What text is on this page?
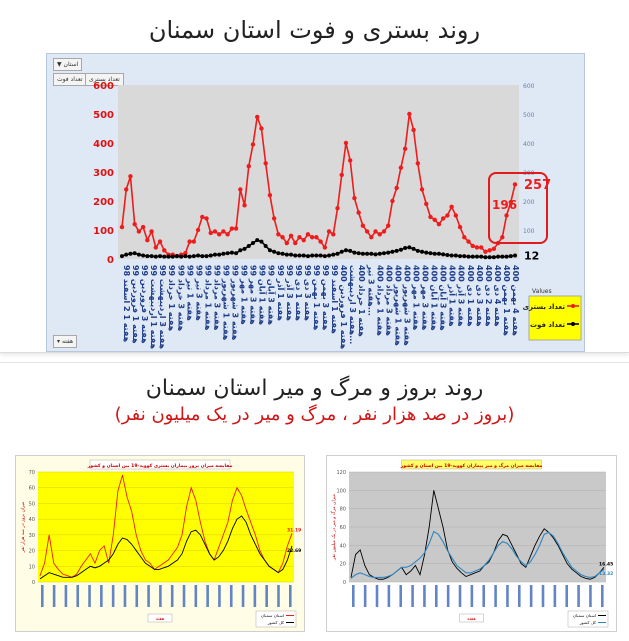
روند بستری و فوت استان سمنان
▼ استان
تعداد فوت	تعداد بستری
▾ هفته
0
100
200
300
400
500
600
100
200
300
400
500
600
هفته 1 2 اسفند 98
هفته 1 فروردین 99
هفته 3 فروردین 99
هفته 1 اردیبهشت 99
هفته 3 اردیبهشت 99
هفته 1 خرداد 99
هفته 3 خرداد 99
هفته 1 تیر 99
هفته 3 تیر 99
هفته 1 مرداد 99
هفته 3 مرداد 99
هفته 1 شهریور 99
هفته 3 شهریور 99
هفته 1 مهر 99
هفته 3 مهر 99
هفته 1 آبان 99
هفته 3 آبان 99
هفته 1 آذر 99
هفته 3 آذر 99
هفته 1 دی 99
هفته 3 دی 99
هفته 1 بهمن 99
هفته 3 بهمن 99
هفته 1 اسفند 99
هفته 1 فروردین 400
هفته 3 اردیبهشت...
هفته 1 خرداد 400
هفته 3 تیر...
هفته 1 مرداد 400
هفته 3 مرداد 400
هفته 1 شهریور 400
هفته 3 شهریور 400
هفته 1 مهر 400
هفته 3 مهر 400
هفته 1 آبان 400
هفته 3 آبان 400
هفته 1 آذر 400
هفته 3 آذر 400
هفته 1 دی 400
هفته 3 دی 400
هفته 2 دی 400
هفته 4 دی 400
هفته 1 بهمن 400
هفته 4 بهمن 400
257
196
12
Values
تعداد بستری
تعداد فوت
روند بروز و مرگ و میر استان سمنان
(بروز در صد هزار نفر ، مرگ و میر در یک میلیون نفر)
0
10
20
30
40
50
60
70
مقایسه میزان بروز بیماران بستری کووید-19 بین استان و کشور
میزان بروز در صد هزار نفر	31.19
22.69
هفته
استان سمنان
کل کشور
0
20
40
60
80
100
120
مقایسه میزان مرگ و میر بیماران کووید-19 بین استان و کشور
میزان مرگ و میر در یک میلیون نفر
16.45
13.32
هفته
استان سمنان
کل کشور
